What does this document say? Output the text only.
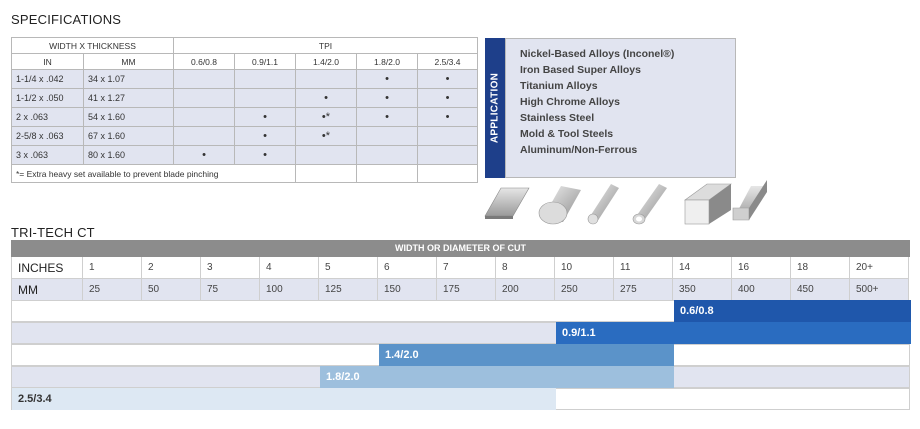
SPECIFICATIONS
WIDTH X THICKNESS		TPI				
IN	MM	0.6/0.8	0.9/1.1	1.4/2.0	1.8/2.0	2.5/3.4
1-1/4 x .042	34 x 1.07				•	•
1-1/2 x .050	41 x 1.27			•	•	•
2 x .063	54 x 1.60		•	•*	•	•
2-5/8 x .063	67 x 1.60		•	•*		
3 x .063	80 x 1.60	•	•			
*= Extra heavy set available to prevent blade pinching						
APPLICATION
Nickel-Based Alloys (Inconel®)
Iron Based Super Alloys
Titanium Alloys
High Chrome Alloys
Stainless Steel
Mold & Tool Steels
Aluminum/Non-Ferrous
TRI-TECH CT
WIDTH OR DIAMETER OF CUT
INCHES	1	2	3	4	5	6	7	8	10	11	14	16	18	20+
MM	25	50	75	100	125	150	175	200	250	275	350	400	450	500+
0.6/0.8
0.9/1.1
1.4/2.0
1.8/2.0
2.5/3.4
